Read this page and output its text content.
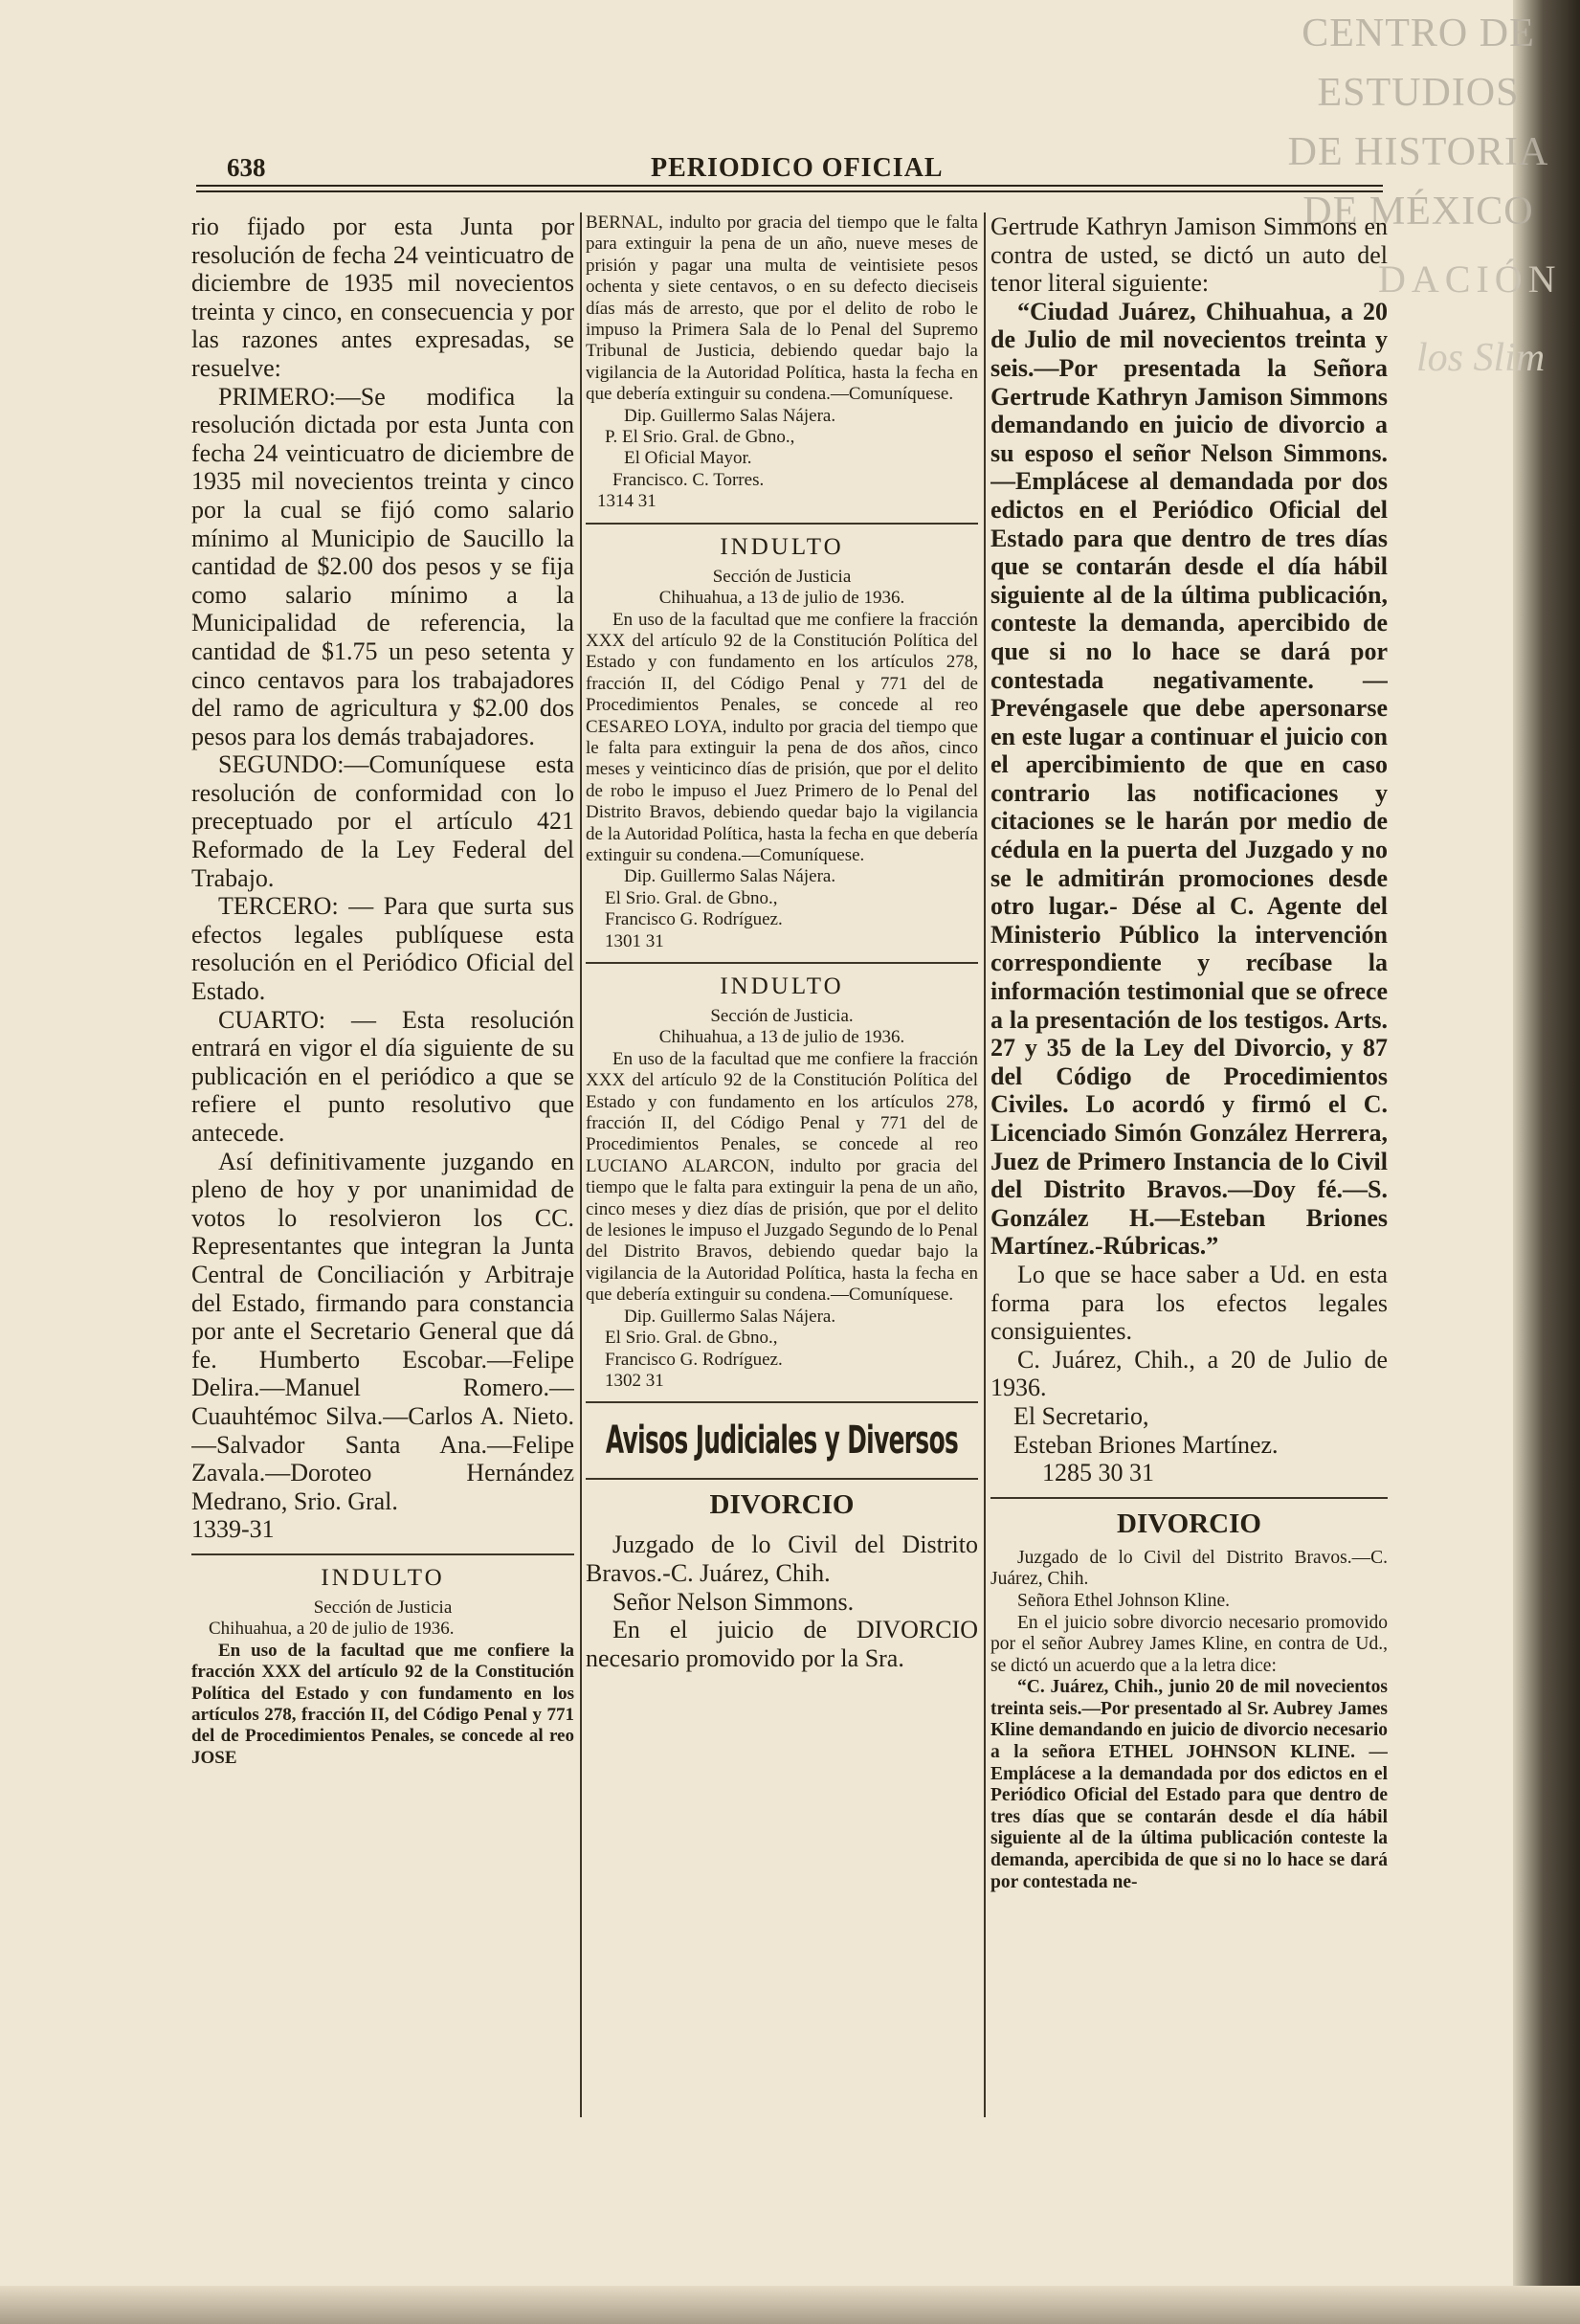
CENTRO DE
ESTUDIOS
DE HISTORIA
DE MÉXICO
DACIÓN
los Slim
638	PERIODICO OFICIAL

rio fijado por esta Junta por resolución de fecha 24 veinticuatro de diciembre de 1935 mil novecientos treinta y cinco, en consecuencia y por las razones antes expresadas, se resuelve:

PRIMERO:—Se modifica la resolución dictada por esta Junta con fecha 24 veinticuatro de diciembre de 1935 mil novecientos treinta y cinco por la cual se fijó como salario mínimo al Municipio de Saucillo la cantidad de $2.00 dos pesos y se fija como salario mínimo a la Municipalidad de referencia, la cantidad de $1.75 un peso setenta y cinco centavos para los trabajadores del ramo de agricultura y $2.00 dos pesos para los demás trabajadores.

SEGUNDO:—Comuníquese esta resolución de conformidad con lo preceptuado por el artículo 421 Reformado de la Ley Federal del Trabajo.

TERCERO: — Para que surta sus efectos legales publíquese esta resolución en el Periódico Oficial del Estado.

CUARTO: — Esta resolución entrará en vigor el día siguiente de su publicación en el periódico a que se refiere el punto resolutivo que antecede.

Así definitivamente juzgando en pleno de hoy y por unanimidad de votos lo resolvieron los CC. Representantes que integran la Junta Central de Conciliación y Arbitraje del Estado, firmando para constancia por ante el Secretario General que dá fe. Humberto Escobar.—Felipe Delira.—Manuel Romero.—Cuauhtémoc Silva.—Carlos A. Nieto.—Salvador Santa Ana.—Felipe Zavala.—Doroteo Hernández Medrano, Srio. Gral.

1339-31

INDULTO

Sección de Justicia

Chihuahua, a 20 de julio de 1936.

En uso de la facultad que me confiere la fracción XXX del artículo 92 de la Constitución Política del Estado y con fundamento en los artículos 278, fracción II, del Código Penal y 771 del de Procedimientos Penales, se concede al reo JOSE

BERNAL, indulto por gracia del tiempo que le falta para extinguir la pena de un año, nueve meses de prisión y pagar una multa de veintisiete pesos ochenta y siete centavos, o en su defecto dieciseis días más de arresto, que por el delito de robo le impuso la Primera Sala de lo Penal del Supremo Tribunal de Justicia, debiendo quedar bajo la vigilancia de la Autoridad Política, hasta la fecha en que debería extinguir su condena.—Comuníquese.

Dip. Guillermo Salas Nájera.

P. El Srio. Gral. de Gbno.,

El Oficial Mayor.

Francisco. C. Torres.

1314 31

INDULTO

Sección de Justicia

Chihuahua, a 13 de julio de 1936.

En uso de la facultad que me confiere la fracción XXX del artículo 92 de la Constitución Política del Estado y con fundamento en los artículos 278, fracción II, del Código Penal y 771 del de Procedimientos Penales, se concede al reo CESAREO LOYA, indulto por gracia del tiempo que le falta para extinguir la pena de dos años, cinco meses y veinticinco días de prisión, que por el delito de robo le impuso el Juez Primero de lo Penal del Distrito Bravos, debiendo quedar bajo la vigilancia de la Autoridad Política, hasta la fecha en que debería extinguir su condena.—Comuníquese.

Dip. Guillermo Salas Nájera.

El Srio. Gral. de Gbno.,

Francisco G. Rodríguez.

1301 31

INDULTO

Sección de Justicia.

Chihuahua, a 13 de julio de 1936.

En uso de la facultad que me confiere la fracción XXX del artículo 92 de la Constitución Política del Estado y con fundamento en los artículos 278, fracción II, del Código Penal y 771 del de Procedimientos Penales, se concede al reo LUCIANO ALARCON, indulto por gracia del tiempo que le falta para extinguir la pena de un año, cinco meses y diez días de prisión, que por el delito de lesiones le impuso el Juzgado Segundo de lo Penal del Distrito Bravos, debiendo quedar bajo la vigilancia de la Autoridad Política, hasta la fecha en que debería extinguir su condena.—Comuníquese.

Dip. Guillermo Salas Nájera.

El Srio. Gral. de Gbno.,

Francisco G. Rodríguez.

1302 31

Avisos Judiciales y Diversos
DIVORCIO

Juzgado de lo Civil del Distrito Bravos.-C. Juárez, Chih.

Señor Nelson Simmons.

En el juicio de DIVORCIO necesario promovido por la Sra.

Gertrude Kathryn Jamison Simmons en contra de usted, se dictó un auto del tenor literal siguiente:

“Ciudad Juárez, Chihuahua, a 20 de Julio de mil novecientos treinta y seis.—Por presentada la Señora Gertrude Kathryn Jamison Simmons demandando en juicio de divorcio a su esposo el señor Nelson Simmons.—Emplácese al demandada por dos edictos en el Periódico Oficial del Estado para que dentro de tres días que se contarán desde el día hábil siguiente al de la última publicación, conteste la demanda, apercibido de que si no lo hace se dará por contestada negativamente. — Prevéngasele que debe apersonarse en este lugar a continuar el juicio con el apercibimiento de que en caso contrario las notificaciones y citaciones se le harán por medio de cédula en la puerta del Juzgado y no se le admitirán promociones desde otro lugar.- Dése al C. Agente del Ministerio Público la intervención correspondiente y recíbase la información testimonial que se ofrece a la presentación de los testigos. Arts. 27 y 35 de la Ley del Divorcio, y 87 del Código de Procedimientos Civiles. Lo acordó y firmó el C. Licenciado Simón González Herrera, Juez de Primero Instancia de lo Civil del Distrito Bravos.—Doy fé.—S. González H.—Esteban Briones Martínez.-Rúbricas.”

Lo que se hace saber a Ud. en esta forma para los efectos legales consiguientes.

C. Juárez, Chih., a 20 de Julio de 1936.

El Secretario,

Esteban Briones Martínez.

1285 30 31

DIVORCIO

Juzgado de lo Civil del Distrito Bravos.—C. Juárez, Chih.

Señora Ethel Johnson Kline.

En el juicio sobre divorcio necesario promovido por el señor Aubrey James Kline, en contra de Ud., se dictó un acuerdo que a la letra dice:

“C. Juárez, Chih., junio 20 de mil novecientos treinta seis.—Por presentado al Sr. Aubrey James Kline demandando en juicio de divorcio necesario a la señora ETHEL JOHNSON KLINE. — Emplácese a la demandada por dos edictos en el Periódico Oficial del Estado para que dentro de tres días que se contarán desde el día hábil siguiente al de la última publicación conteste la demanda, apercibida de que si no lo hace se dará por contestada ne-
